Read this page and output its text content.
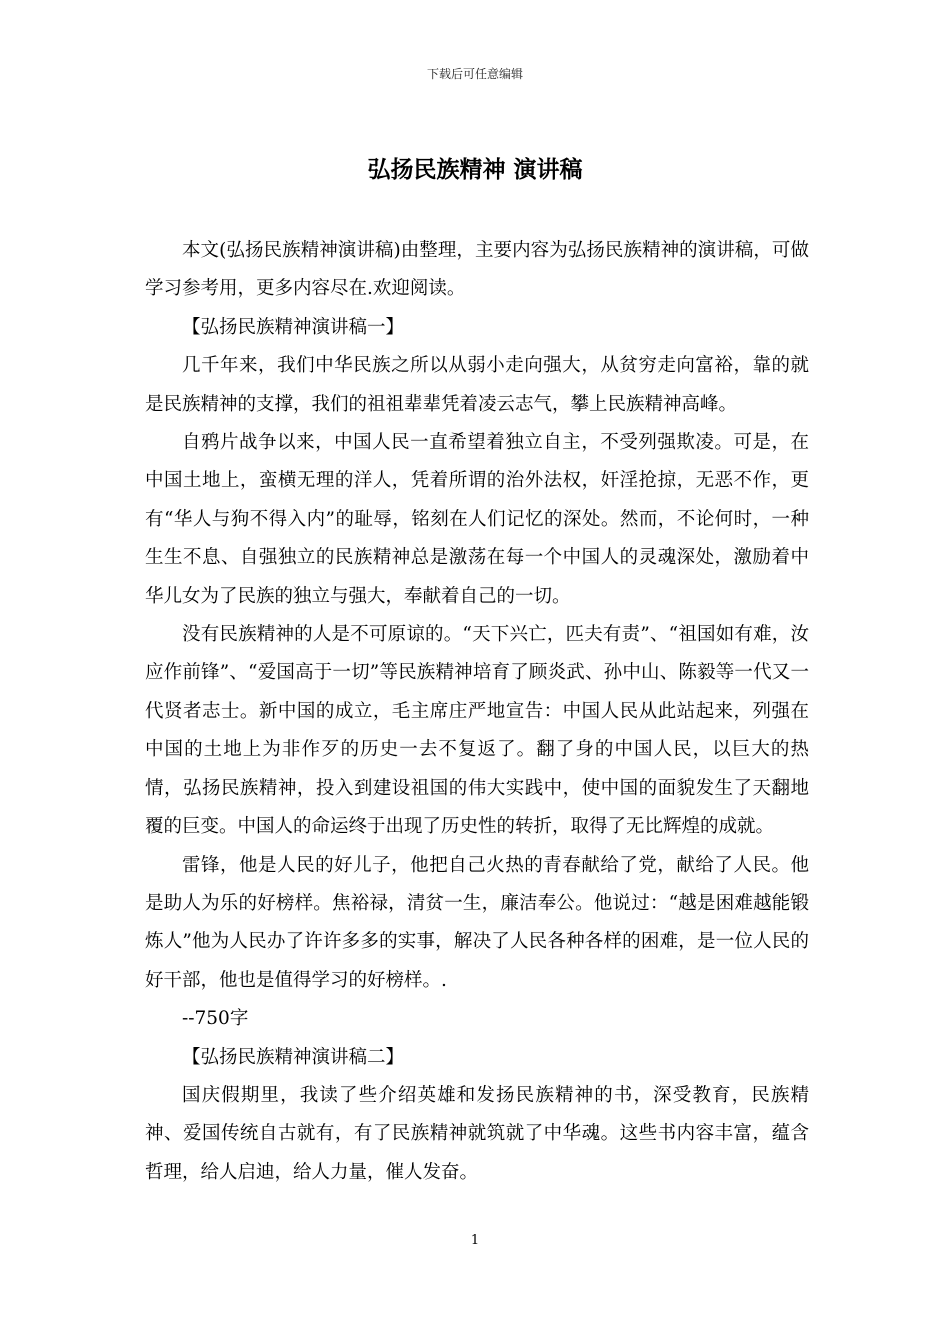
下载后可任意编辑
弘扬民族精神 演讲稿

本文(弘扬民族精神演讲稿)由整理，主要内容为弘扬民族精神的演讲稿，可做学习参考用，更多内容尽在.欢迎阅读。

【弘扬民族精神演讲稿一】

几千年来，我们中华民族之所以从弱小走向强大，从贫穷走向富裕，靠的就是民族精神的支撑，我们的祖祖辈辈凭着凌云志气，攀上民族精神高峰。

自鸦片战争以来，中国人民一直希望着独立自主，不受列强欺凌。可是，在中国土地上，蛮横无理的洋人，凭着所谓的治外法权，奸淫抢掠，无恶不作，更有“华人与狗不得入内”的耻辱，铭刻在人们记忆的深处。然而，不论何时，一种生生不息、自强独立的民族精神总是激荡在每一个中国人的灵魂深处，激励着中华儿女为了民族的独立与强大，奉献着自己的一切。

没有民族精神的人是不可原谅的。“天下兴亡，匹夫有责”、“祖国如有难，汝应作前锋”、“爱国高于一切”等民族精神培育了顾炎武、孙中山、陈毅等一代又一代贤者志士。新中国的成立，毛主席庄严地宣告：中国人民从此站起来，列强在中国的土地上为非作歹的历史一去不复返了。翻了身的中国人民，以巨大的热情，弘扬民族精神，投入到建设祖国的伟大实践中，使中国的面貌发生了天翻地覆的巨变。中国人的命运终于出现了历史性的转折，取得了无比辉煌的成就。

雷锋，他是人民的好儿子，他把自己火热的青春献给了党，献给了人民。他是助人为乐的好榜样。焦裕禄，清贫一生，廉洁奉公。他说过：“越是困难越能锻炼人”他为人民办了许许多多的实事，解决了人民各种各样的困难，是一位人民的好干部，他也是值得学习的好榜样。.

--750字

【弘扬民族精神演讲稿二】

国庆假期里，我读了些介绍英雄和发扬民族精神的书，深受教育，民族精神、爱国传统自古就有，有了民族精神就筑就了中华魂。这些书内容丰富，蕴含哲理，给人启迪，给人力量，催人发奋。

1
